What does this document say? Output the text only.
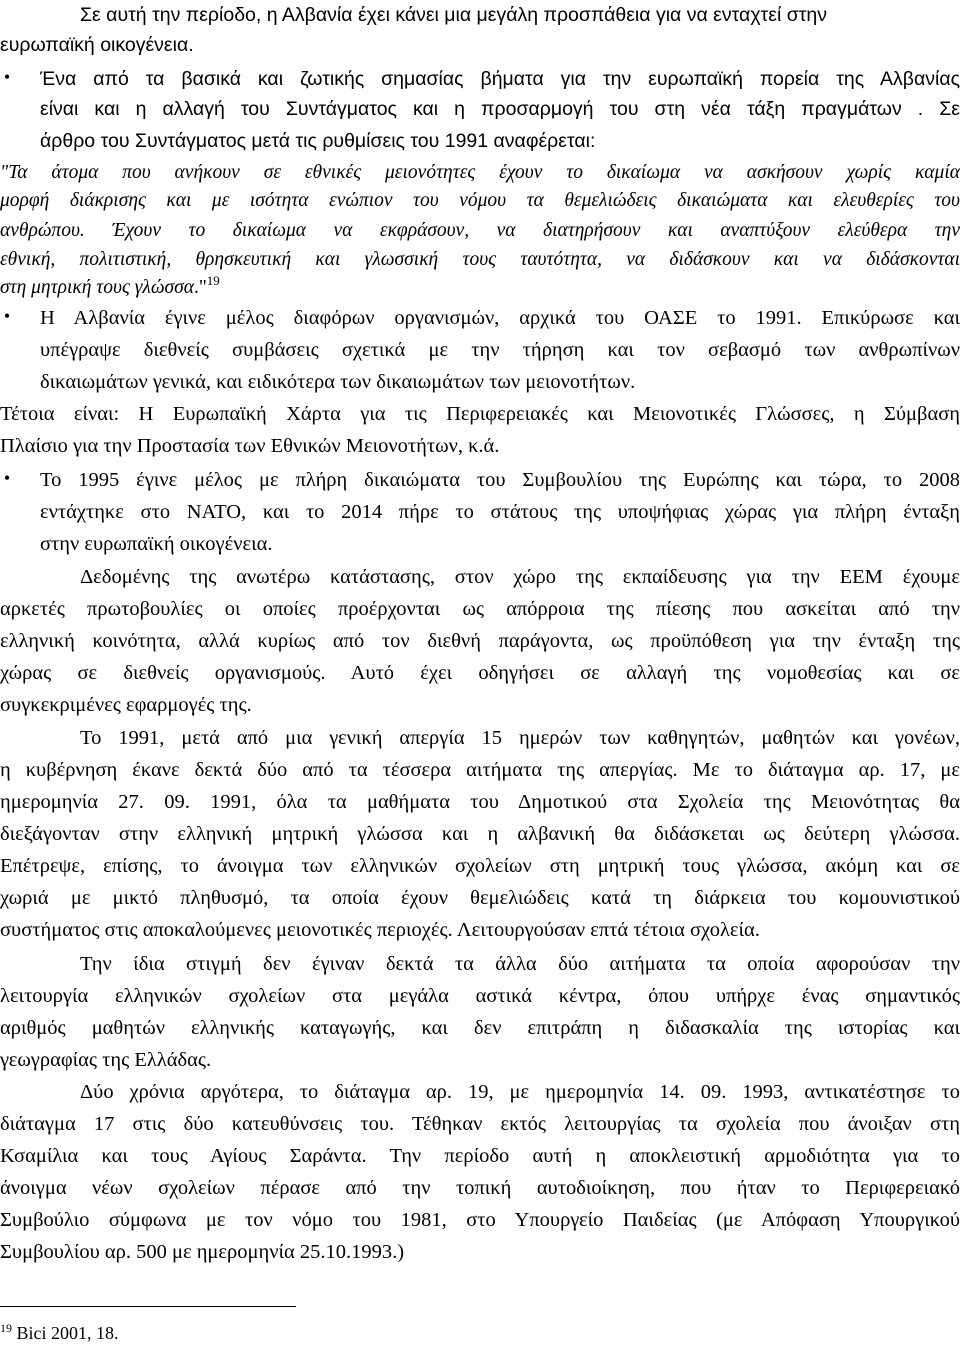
Σε αυτή την περίοδο, η Αλβανία έχει κάνει μια μεγάλη προσπάθεια για να ενταχτεί στην
ευρωπαϊκή οικογένεια.
• Ένα από τα βασικά και ζωτικής σημασίας βήματα για την ευρωπαϊκή πορεία της Αλβανίας
είναι και η αλλαγή του Συντάγματος και η προσαρμογή του στη νέα τάξη πραγμάτων . Σε
άρθρο του Συντάγματος μετά τις ρυθμίσεις του 1991 αναφέρεται:
"Τα άτομα που ανήκουν σε εθνικές μειονότητες έχουν το δικαίωμα να ασκήσουν χωρίς καμία
μορφή διάκρισης και με ισότητα ενώπιον του νόμου τα θεμελιώδεις δικαιώματα και ελευθερίες του
ανθρώπου. Έχουν το δικαίωμα να εκφράσουν, να διατηρήσουν και αναπτύξουν ελεύθερα την
εθνική, πολιτιστική, θρησκευτική και γλωσσική τους ταυτότητα, να διδάσκουν και να διδάσκονται
στη μητρική τους γλώσσα."$^{19}$
• Η Αλβανία έγινε μέλος διαφόρων οργανισμών, αρχικά του ΟΑΣΕ το 1991. Επικύρωσε και
υπέγραψε διεθνείς συμβάσεις σχετικά με την τήρηση και τον σεβασμό των ανθρωπίνων
δικαιωμάτων γενικά, και ειδικότερα των δικαιωμάτων των μειονοτήτων.
Τέτοια είναι: Η Ευρωπαϊκή Χάρτα για τις Περιφερειακές και Μειονοτικές Γλώσσες, η Σύμβαση
Πλαίσιο για την Προστασία των Εθνικών Μειονοτήτων, κ.ά.
• Το 1995 έγινε μέλος με πλήρη δικαιώματα του Συμβουλίου της Ευρώπης και τώρα, το 2008
εντάχτηκε στο ΝΑΤΟ, και το 2014 πήρε το στάτους της υποψήφιας χώρας για πλήρη ένταξη
στην ευρωπαϊκή οικογένεια.
Δεδομένης της ανωτέρω κατάστασης, στον χώρο της εκπαίδευσης για την ΕΕΜ έχουμε
αρκετές πρωτοβουλίες οι οποίες προέρχονται ως απόρροια της πίεσης που ασκείται από την
ελληνική κοινότητα, αλλά κυρίως από τον διεθνή παράγοντα, ως προϋπόθεση για την ένταξη της
χώρας σε διεθνείς οργανισμούς. Αυτό έχει οδηγήσει σε αλλαγή της νομοθεσίας και σε
συγκεκριμένες εφαρμογές της.
Το 1991, μετά από μια γενική απεργία 15 ημερών των καθηγητών, μαθητών και γονέων,
η κυβέρνηση έκανε δεκτά δύο από τα τέσσερα αιτήματα της απεργίας. Με το διάταγμα αρ. 17, με
ημερομηνία 27. 09. 1991, όλα τα μαθήματα του Δημοτικού στα Σχολεία της Μειονότητας θα
διεξάγονταν στην ελληνική μητρική γλώσσα και η αλβανική θα διδάσκεται ως δεύτερη γλώσσα.
Επέτρεψε, επίσης, το άνοιγμα των ελληνικών σχολείων στη μητρική τους γλώσσα, ακόμη και σε
χωριά με μικτό πληθυσμό, τα οποία έχουν θεμελιώδεις κατά τη διάρκεια του κομουνιστικού
συστήματος στις αποκαλούμενες μειονοτικές περιοχές. Λειτουργούσαν επτά τέτοια σχολεία.
Την ίδια στιγμή δεν έγιναν δεκτά τα άλλα δύο αιτήματα τα οποία αφορούσαν την
λειτουργία ελληνικών σχολείων στα μεγάλα αστικά κέντρα, όπου υπήρχε ένας σημαντικός
αριθμός μαθητών ελληνικής καταγωγής, και δεν επιτράπη η διδασκαλία της ιστορίας και
γεωγραφίας της Ελλάδας.
Δύο χρόνια αργότερα, το διάταγμα αρ. 19, με ημερομηνία 14. 09. 1993, αντικατέστησε το
διάταγμα 17 στις δύο κατευθύνσεις του. Τέθηκαν εκτός λειτουργίας τα σχολεία που άνοιξαν στη
Κσαμίλια και τους Αγίους Σαράντα. Την περίοδο αυτή η αποκλειστική αρμοδιότητα για το
άνοιγμα νέων σχολείων πέρασε από την τοπική αυτοδιοίκηση, που ήταν το Περιφερειακό
Συμβούλιο σύμφωνα με τον νόμο του 1981, στο Υπουργείο Παιδείας (με Απόφαση Υπουργικού
Συμβουλίου αρ. 500 με ημερομηνία 25.10.1993.)
$^{19}$ Bici 2001, 18.
